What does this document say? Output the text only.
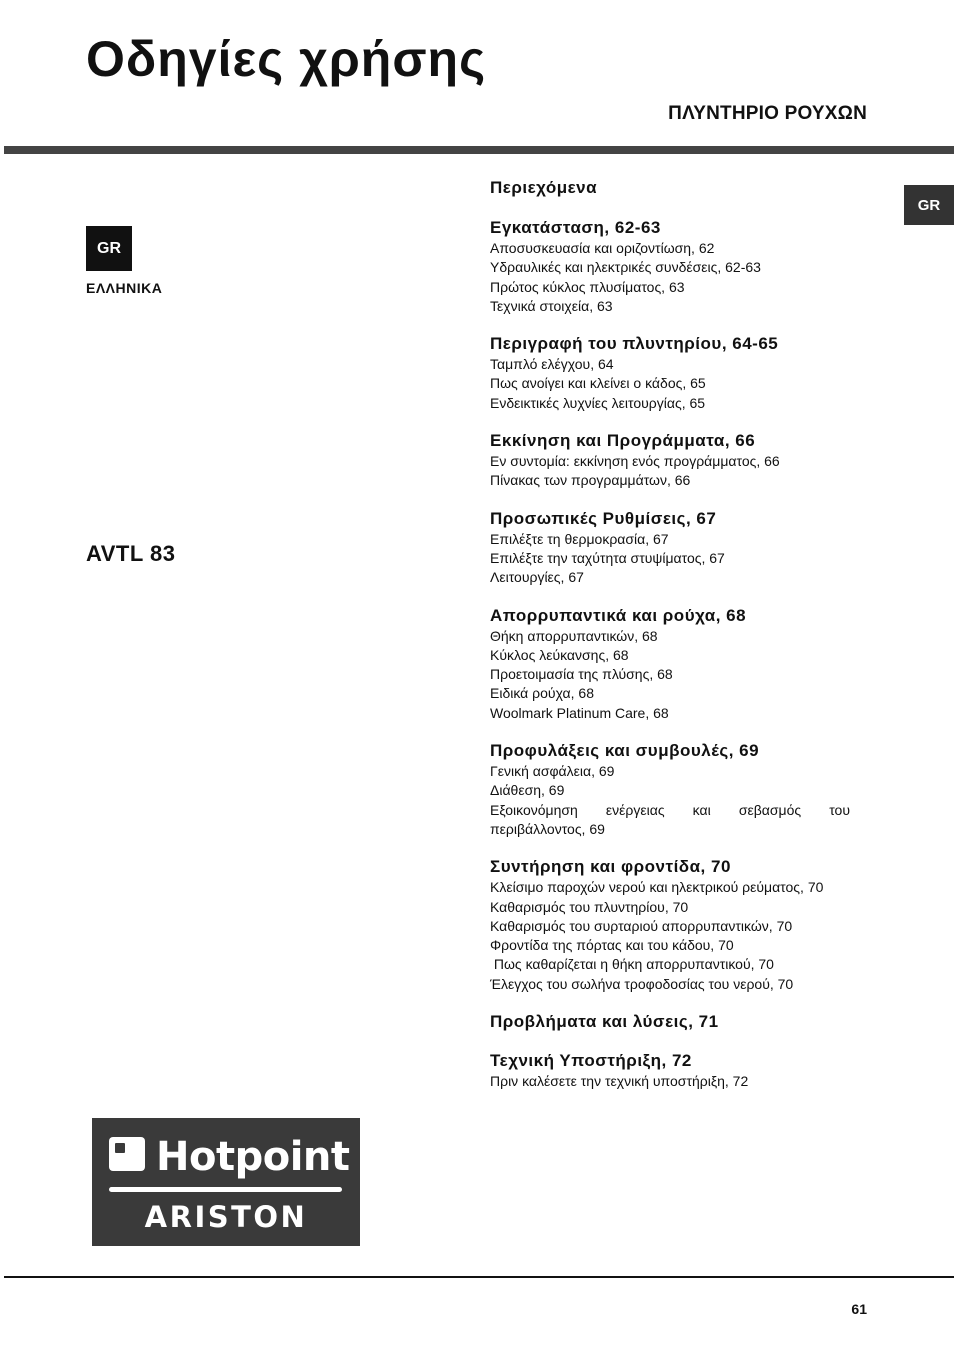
Οδηγίες χρήσης
ΠΛΥΝΤΗΡΙΟ ΡΟΥΧΩΝ
GR
ΕΛΛΗΝΙΚΑ
AVTL 83
GR
Περιεχόμενα
Εγκατάσταση, 62-63
Αποσυσκευασία και οριζοντίωση, 62
Υδραυλικές και ηλεκτρικές συνδέσεις, 62-63
Πρώτος κύκλος πλυσίματος, 63
Τεχνικά στοιχεία, 63
Περιγραφή του πλυντηρίου, 64-65
Ταμπλό ελέγχου, 64
Πως ανοίγει και κλείνει ο κάδος, 65
Ενδεικτικές λυχνίες λειτουργίας, 65
Εκκίνηση και Προγράμματα, 66
Εν συντομία: εκκίνηση ενός προγράμματος, 66
Πίνακας των προγραμμάτων, 66
Προσωπικές Ρυθμίσεις, 67
Επιλέξτε τη θερμοκρασία, 67
Επιλέξτε την ταχύτητα στυψίματος, 67
Λειτουργίες, 67
Απορρυπαντικά και ρούχα, 68
Θήκη απορρυπαντικών, 68
Κύκλος λεύκανσης, 68
Προετοιμασία της πλύσης, 68
Ειδικά ρούχα, 68
Woolmark Platinum Care, 68
Προφυλάξεις και συμβουλές, 69
Γενική ασφάλεια, 69
Διάθεση, 69
Εξοικονόμηση ενέργειας και σεβασμός του περιβάλλοντος, 69
Συντήρηση και φροντίδα, 70
Κλείσιμο παροχών νερού και ηλεκτρικού ρεύματος, 70
Καθαρισμός του πλυντηρίου, 70
Καθαρισμός του συρταριού απορρυπαντικών, 70
Φροντίδα της πόρτας και του κάδου, 70
Πως καθαρίζεται η θήκη απορρυπαντικού, 70
Έλεγχος του σωλήνα τροφοδοσίας του νερού, 70
Προβλήματα και λύσεις, 71
Τεχνική Υποστήριξη, 72
Πριν καλέσετε την τεχνική υποστήριξη, 72
Hotpoint
ARISTON
61
